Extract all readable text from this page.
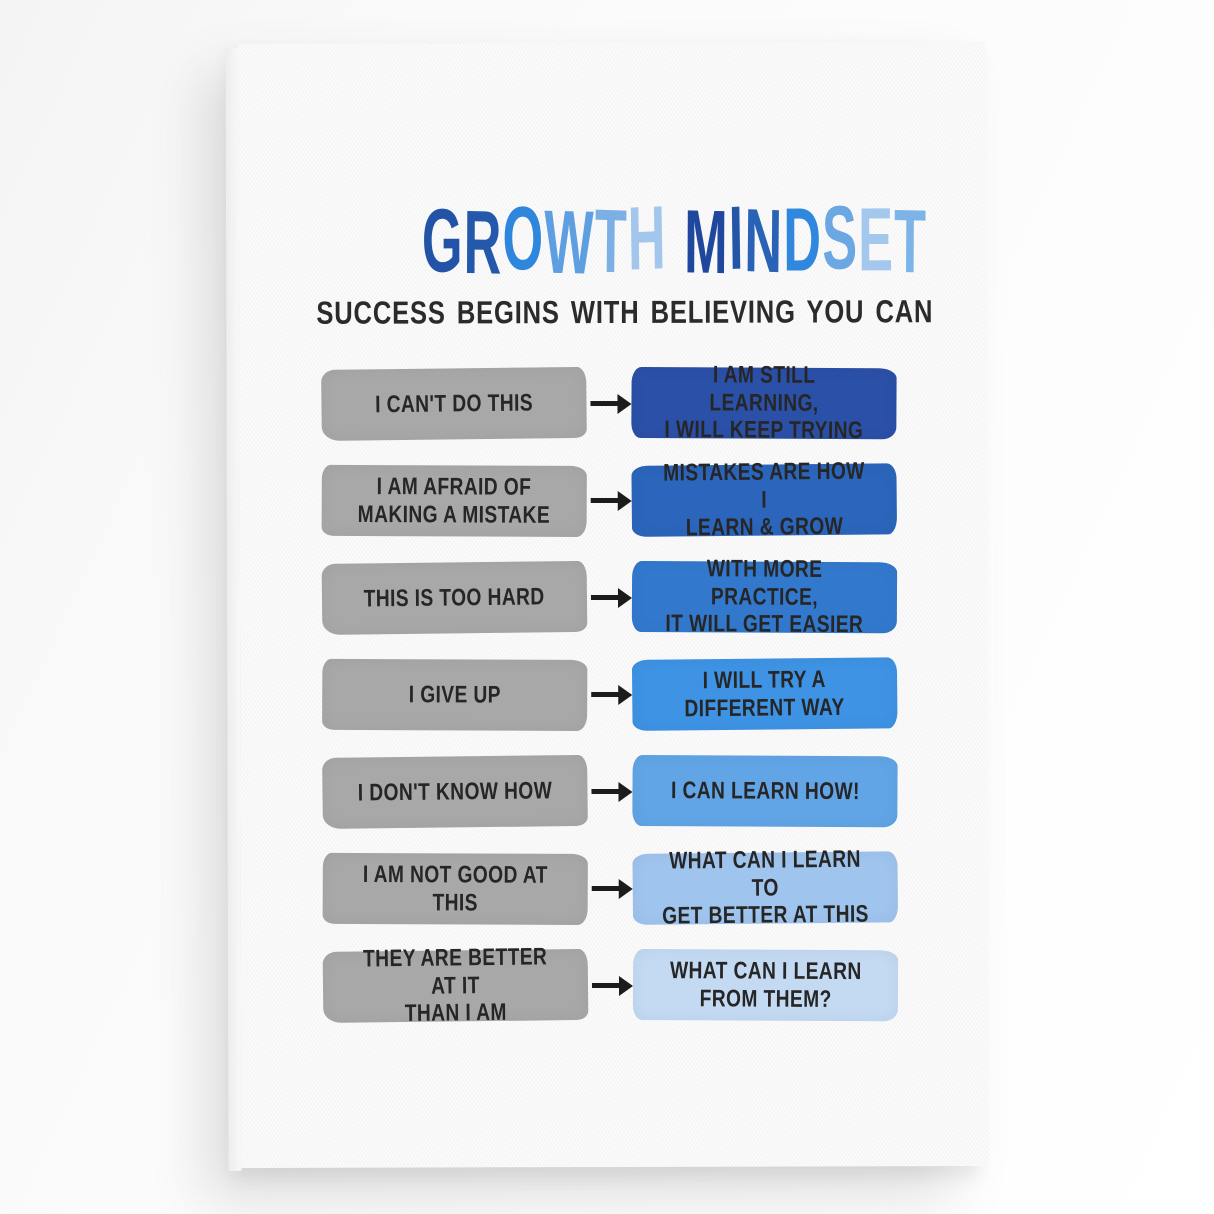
GROWTH MINDSET
SUCCESS BEGINS WITH BELIEVING YOU CAN
I CAN'T DO THIS
I AM STILL LEARNING,
I WILL KEEP TRYING
I AM AFRAID OF
MAKING A MISTAKE
MISTAKES ARE HOW I
LEARN & GROW
THIS IS TOO HARD
WITH MORE PRACTICE,
IT WILL GET EASIER
I GIVE UP
I WILL TRY A
DIFFERENT WAY
I DON'T KNOW HOW	I CAN LEARN HOW!
I AM NOT GOOD AT THIS
WHAT CAN I LEARN TO
GET BETTER AT THIS
THEY ARE BETTER AT IT
THAN I AM
WHAT CAN I LEARN
FROM THEM?
